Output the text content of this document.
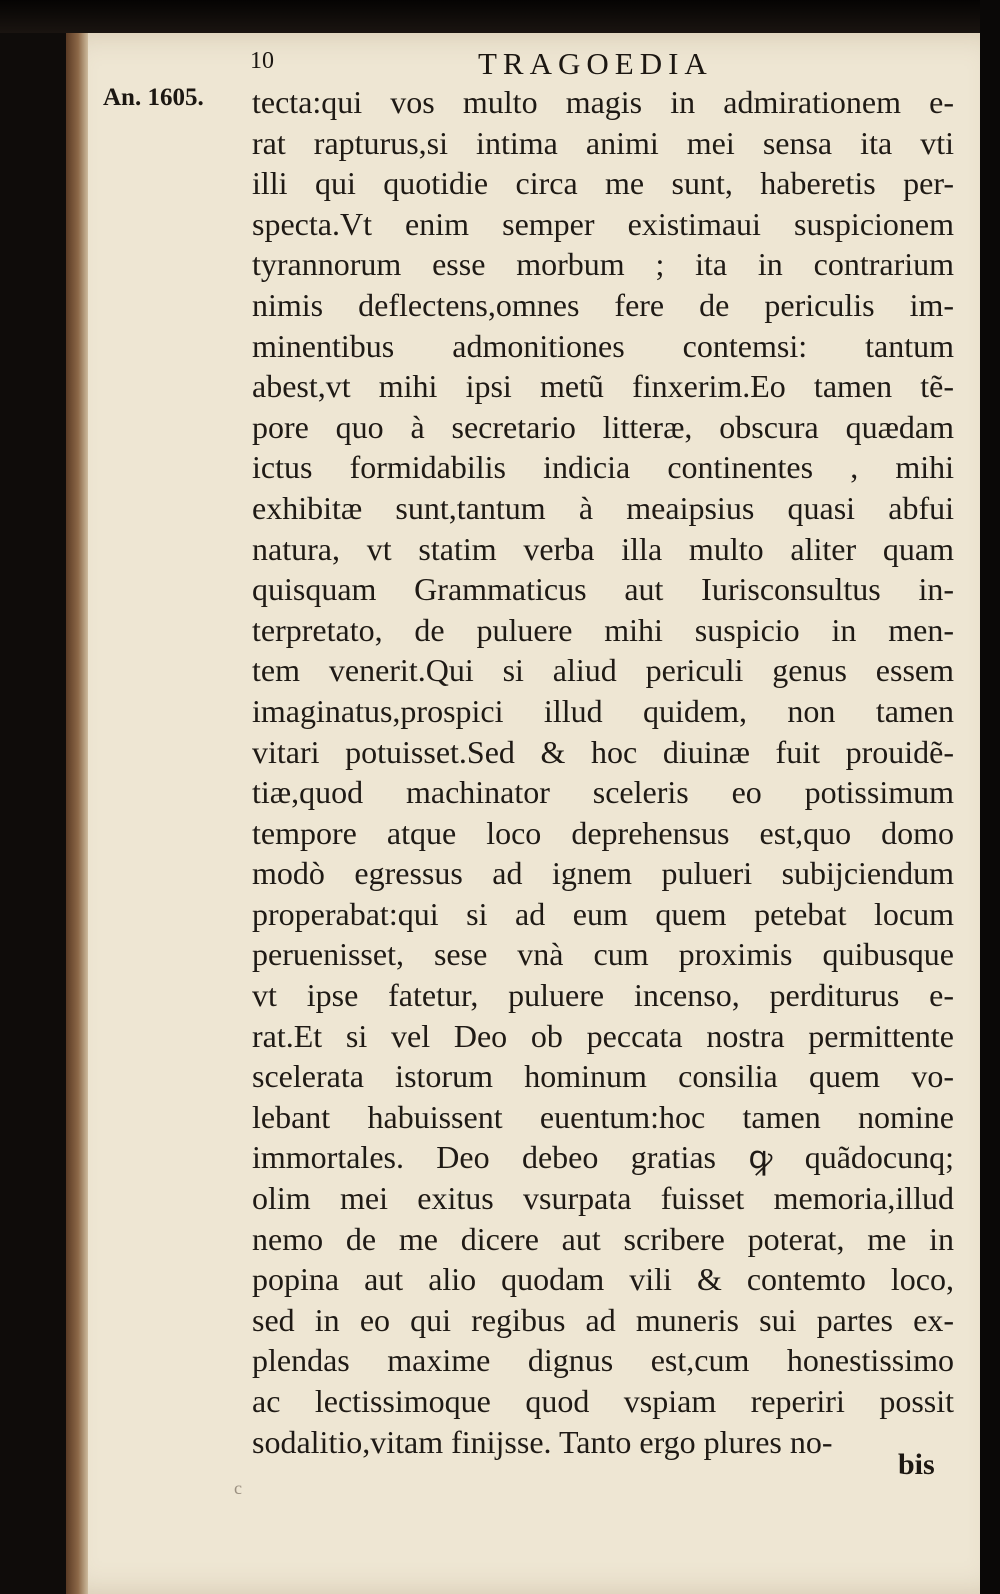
10	TRAGOEDIA
An. 1605. tecta:qui vos multo magis in admirationem e-
rat rapturus,si intima animi mei sensa ita vti
illi qui quotidie circa me sunt, haberetis per-
specta.Vt enim semper existimaui suspicionem
tyrannorum esse morbum ; ita in contrarium
nimis deflectens,omnes fere de periculis im-
minentibus admonitiones contemsi: tantum
abest,vt mihi ipsi metũ finxerim.Eo tamen tẽ-
pore quo à secretario litteræ, obscura quædam
ictus formidabilis indicia continentes , mihi
exhibitæ sunt,tantum à meaipsius quasi abfui
natura, vt statim verba illa multo aliter quam
quisquam Grammaticus aut Iurisconsultus in-
terpretato, de puluere mihi suspicio in men-
tem venerit.Qui si aliud periculi genus essem
imaginatus,prospici illud quidem, non tamen
vitari potuisset.Sed & hoc diuinæ fuit prouidẽ-
tiæ,quod machinator sceleris eo potissimum
tempore atque loco deprehensus est,quo domo
modò egressus ad ignem pulueri subijciendum
properabat:qui si ad eum quem petebat locum
peruenisset, sese vnà cum proximis quibusque
vt ipse fatetur, puluere incenso, perditurus e-
rat.Et si vel Deo ob peccata nostra permittente
scelerata istorum hominum consilia quem vo-
lebant habuissent euentum:hoc tamen nomine
immortales. Deo debeo gratias ꝙ quãdocunq;
olim mei exitus vsurpata fuisset memoria,illud
nemo de me dicere aut scribere poterat, me in
popina aut alio quodam vili & contemto loco,
sed in eo qui regibus ad muneris sui partes ex-
plendas maxime dignus est,cum honestissimo
ac lectissimoque quod vspiam reperiri possit
sodalitio,vitam finijsse. Tanto ergo plures no-
bis
c
